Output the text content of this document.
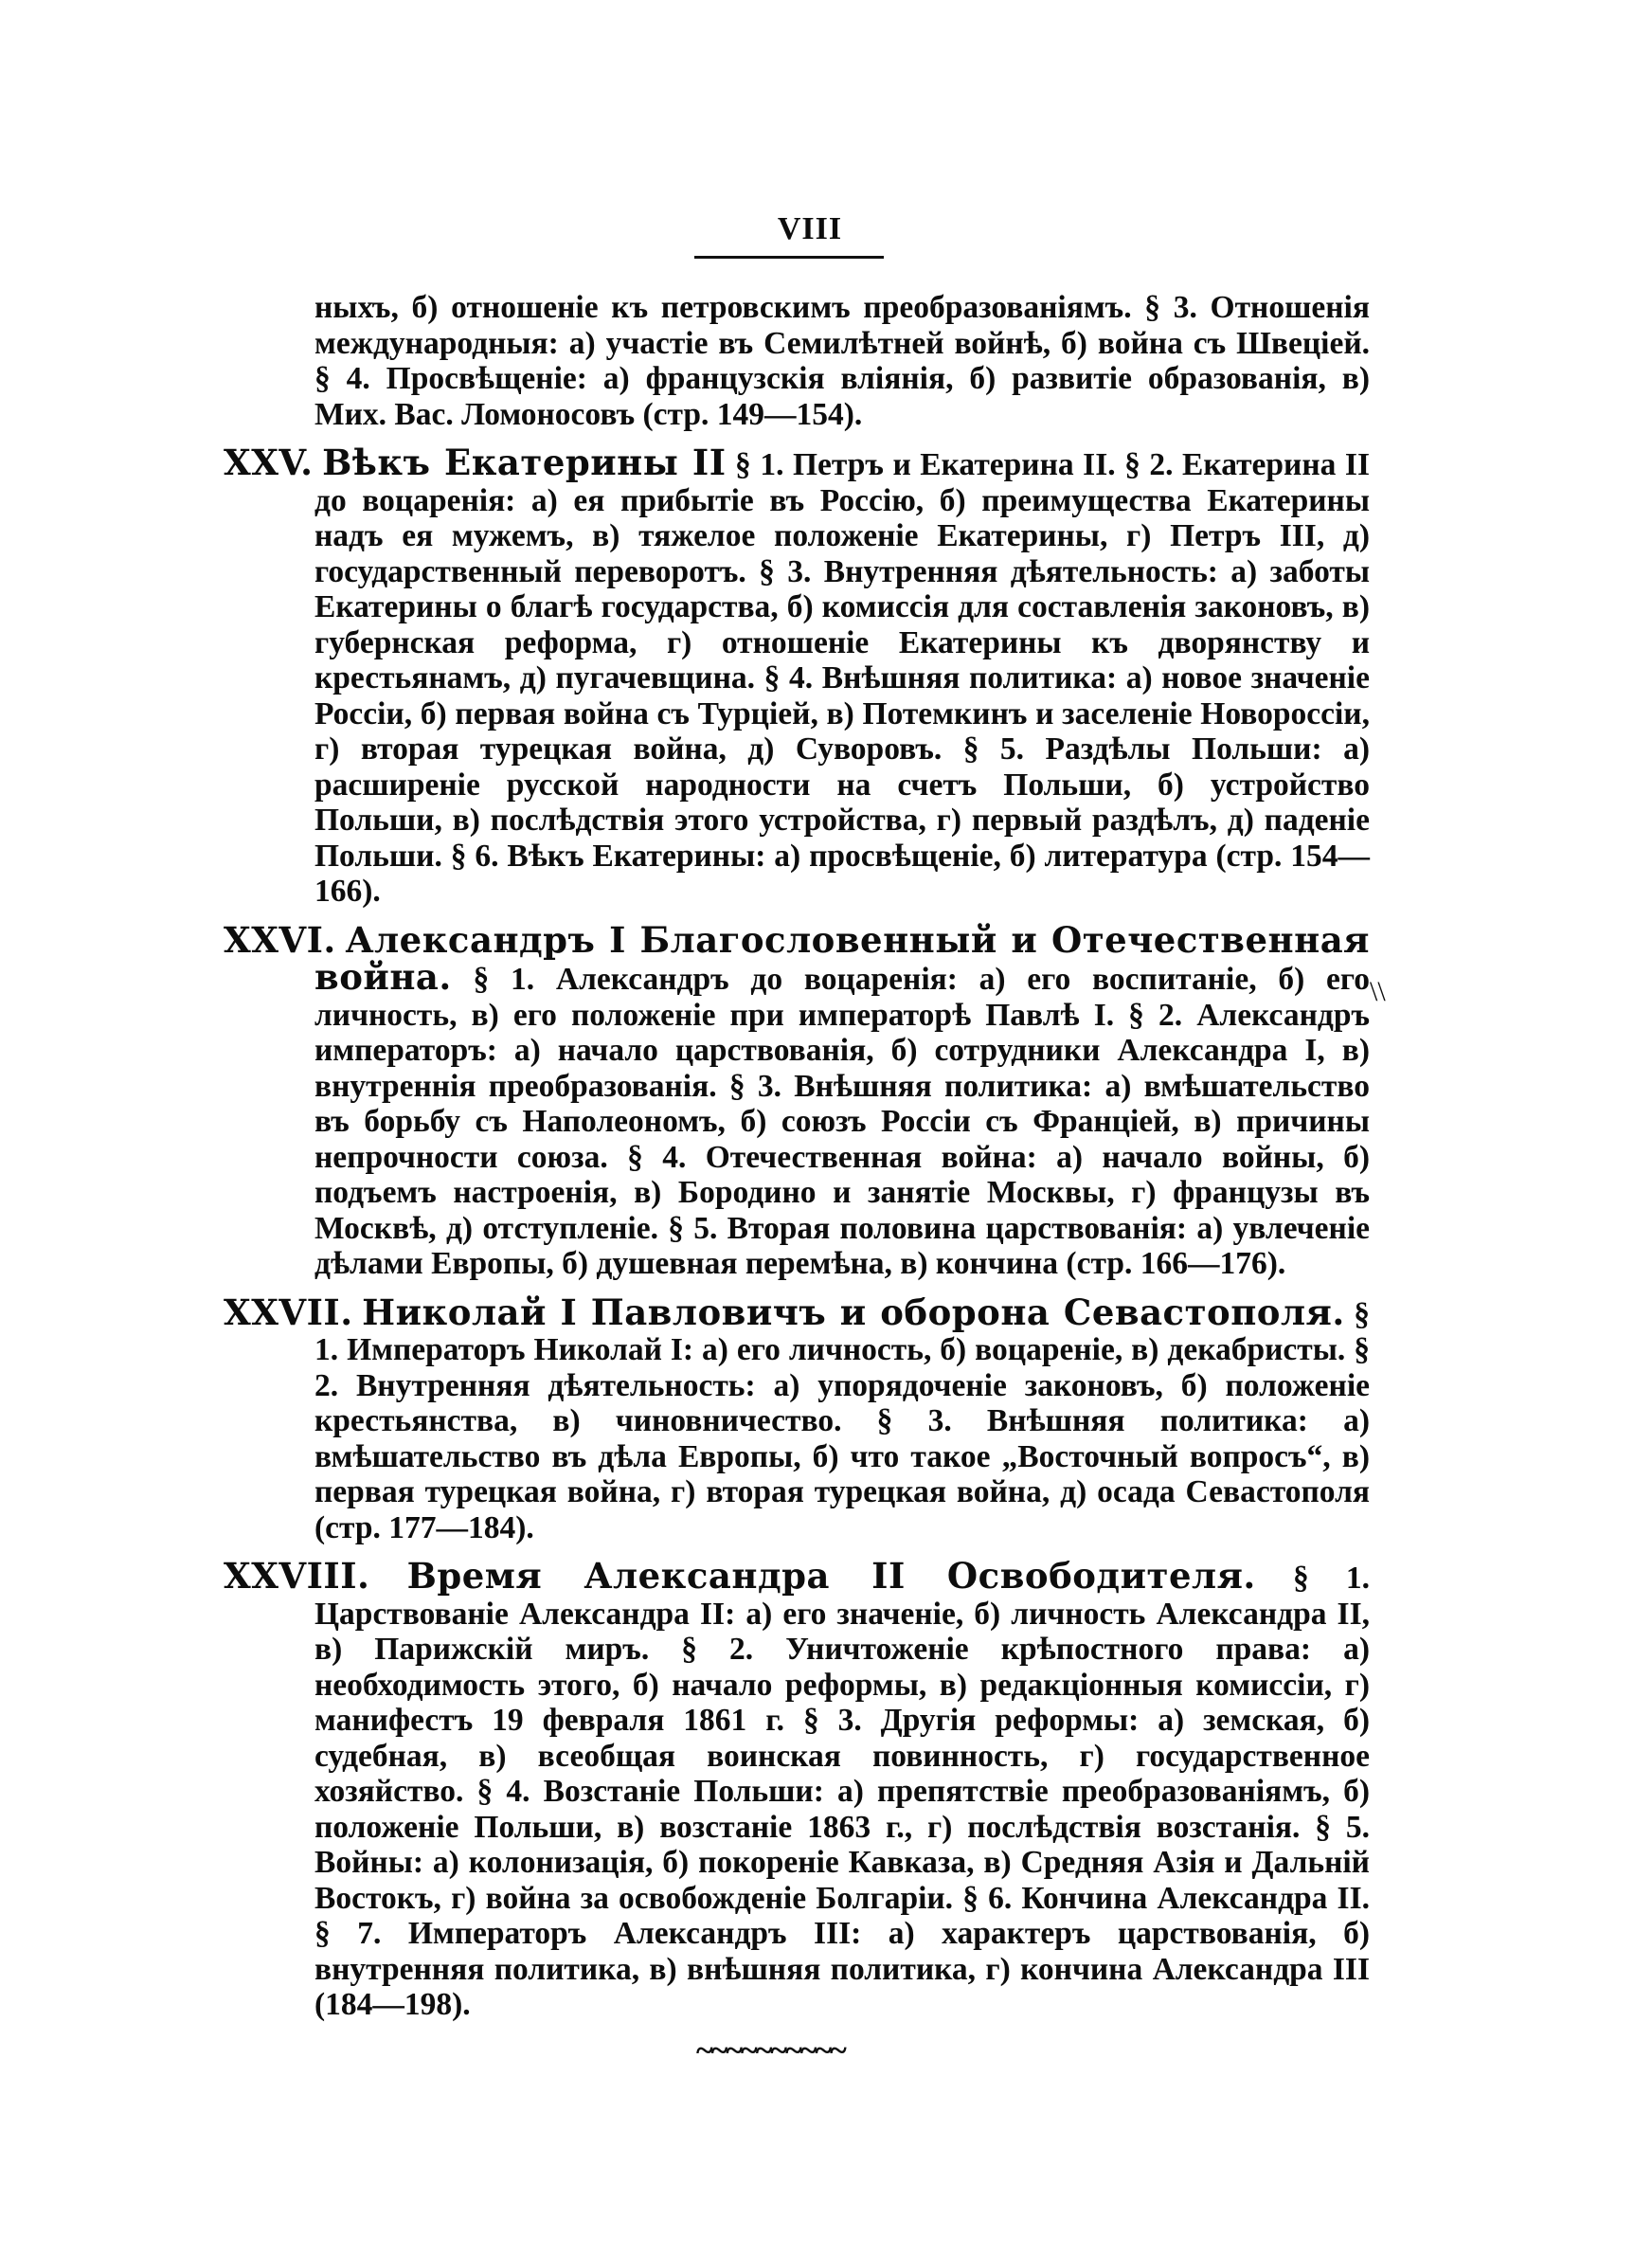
VIII
ныхъ, б) отношеніе къ петровскимъ преобразованіямъ. § 3. Отношенія международныя: а) участіе въ Семилѣтней войнѣ, б) война съ Швеціей. § 4. Просвѣщеніе: а) французскія вліянія, б) развитіе образованія, в) Мих. Вас. Ломоносовъ (стр. 149—154).
XXV. Вѣкъ Екатерины II § 1. Петръ и Екатерина II. § 2. Екатерина II до воцаренія: а) ея прибытіе въ Россію, б) преимущества Екатерины надъ ея мужемъ, в) тяжелое положеніе Екатерины, г) Петръ III, д) государственный переворотъ. § 3. Внутренняя дѣятельность: а) заботы Екатерины о благѣ государства, б) комиссія для составленія законовъ, в) губернская реформа, г) отношеніе Екатерины къ дворянству и крестьянамъ, д) пугачевщина. § 4. Внѣшняя политика: а) новое значеніе Россіи, б) первая война съ Турціей, в) Потемкинъ и заселеніе Новороссіи, г) вторая турецкая война, д) Суворовъ. § 5. Раздѣлы Польши: а) расширеніе русской народности на счетъ Польши, б) устройство Польши, в) послѣдствія этого устройства, г) первый раздѣлъ, д) паденіе Польши. § 6. Вѣкъ Екатерины: а) просвѣщеніе, б) литература (стр. 154—166).
XXVI. Александръ I Благословенный и Отечественная война. § 1. Александръ до воцаренія: а) его воспитаніе, б) его личность, в) его положеніе при императорѣ Павлѣ I. § 2. Александръ императоръ: а) начало царствованія, б) сотрудники Александра I, в) внутреннія преобразованія. § 3. Внѣшняя политика: а) вмѣшательство въ борьбу съ Наполеономъ, б) союзъ Россіи съ Франціей, в) причины непрочности союза. § 4. Отечественная война: а) начало войны, б) подъемъ настроенія, в) Бородино и занятіе Москвы, г) французы въ Москвѣ, д) отступленіе. § 5. Вторая половина царствованія: а) увлеченіе дѣлами Европы, б) душевная перемѣна, в) кончина (стр. 166—176).
XXVII. Николай I Павловичъ и оборона Севастополя. § 1. Императоръ Николай I: а) его личность, б) воцареніе, в) декабристы. § 2. Внутренняя дѣятельность: а) упорядоченіе законовъ, б) положеніе крестьянства, в) чиновничество. § 3. Внѣшняя политика: а) вмѣшательство въ дѣла Европы, б) что такое „Восточный вопросъ“, в) первая турецкая война, г) вторая турецкая война, д) осада Севастополя (стр. 177—184).
XXVIII. Время Александра II Освободителя. § 1. Царствованіе Александра II: а) его значеніе, б) личность Александра II, в) Парижскій миръ. § 2. Уничтоженіе крѣпостного права: а) необходимость этого, б) начало реформы, в) редакціонныя комиссіи, г) манифестъ 19 февраля 1861 г. § 3. Другія реформы: а) земская, б) судебная, в) всеобщая воинская повинность, г) государственное хозяйство. § 4. Возстаніе Польши: а) препятствіе преобразованіямъ, б) положеніе Польши, в) возстаніе 1863 г., г) послѣдствія возстанія. § 5. Войны: а) колонизація, б) покореніе Кавказа, в) Средняя Азія и Дальній Востокъ, г) война за освобожденіе Болгаріи. § 6. Кончина Александра II. § 7. Императоръ Александръ III: а) характеръ царствованія, б) внутренняя политика, в) внѣшняя политика, г) кончина Александра III (184—198).
\\
~~~~~~~~~~
